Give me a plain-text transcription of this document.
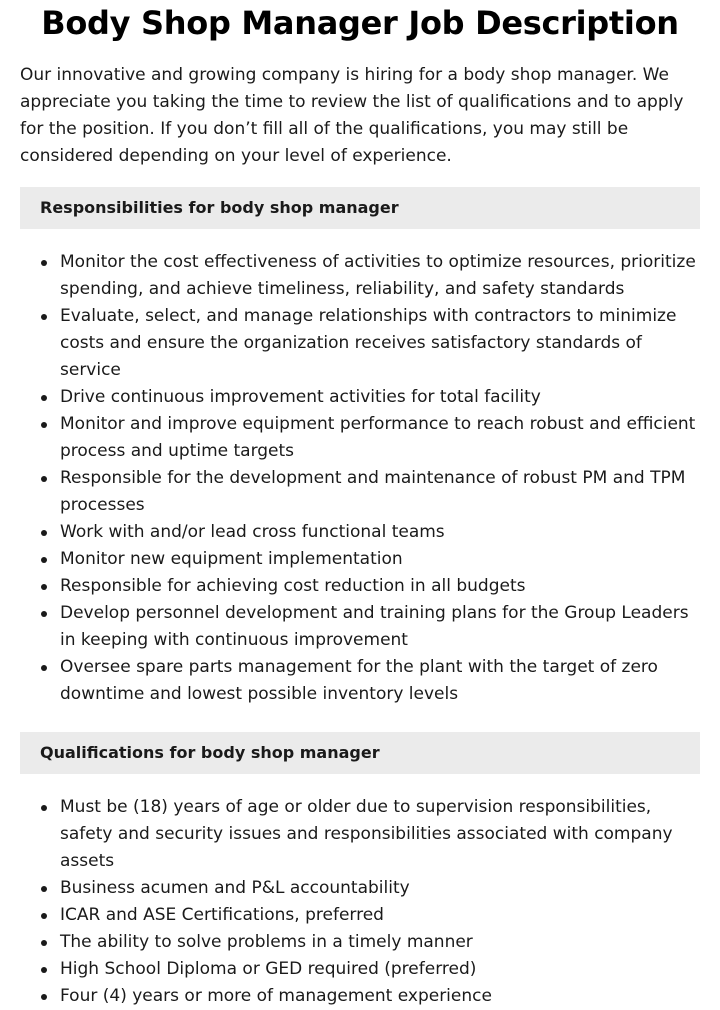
Body Shop Manager Job Description

Our innovative and growing company is hiring for a body shop manager. We appreciate you taking the time to review the list of qualifications and to apply for the position. If you don’t fill all of the qualifications, you may still be considered depending on your level of experience.

Responsibilities for body shop manager
Monitor the cost effectiveness of activities to optimize resources, prioritize spending, and achieve timeliness, reliability, and safety standards
Evaluate, select, and manage relationships with contractors to minimize costs and ensure the organization receives satisfactory standards of service
Drive continuous improvement activities for total facility
Monitor and improve equipment performance to reach robust and efficient process and uptime targets
Responsible for the development and maintenance of robust PM and TPM processes
Work with and/or lead cross functional teams
Monitor new equipment implementation
Responsible for achieving cost reduction in all budgets
Develop personnel development and training plans for the Group Leaders in keeping with continuous improvement
Oversee spare parts management for the plant with the target of zero downtime and lowest possible inventory levels
Qualifications for body shop manager
Must be (18) years of age or older due to supervision responsibilities, safety and security issues and responsibilities associated with company assets
Business acumen and P&L accountability
ICAR and ASE Certifications, preferred
The ability to solve problems in a timely manner
High School Diploma or GED required (preferred)
Four (4) years or more of management experience
